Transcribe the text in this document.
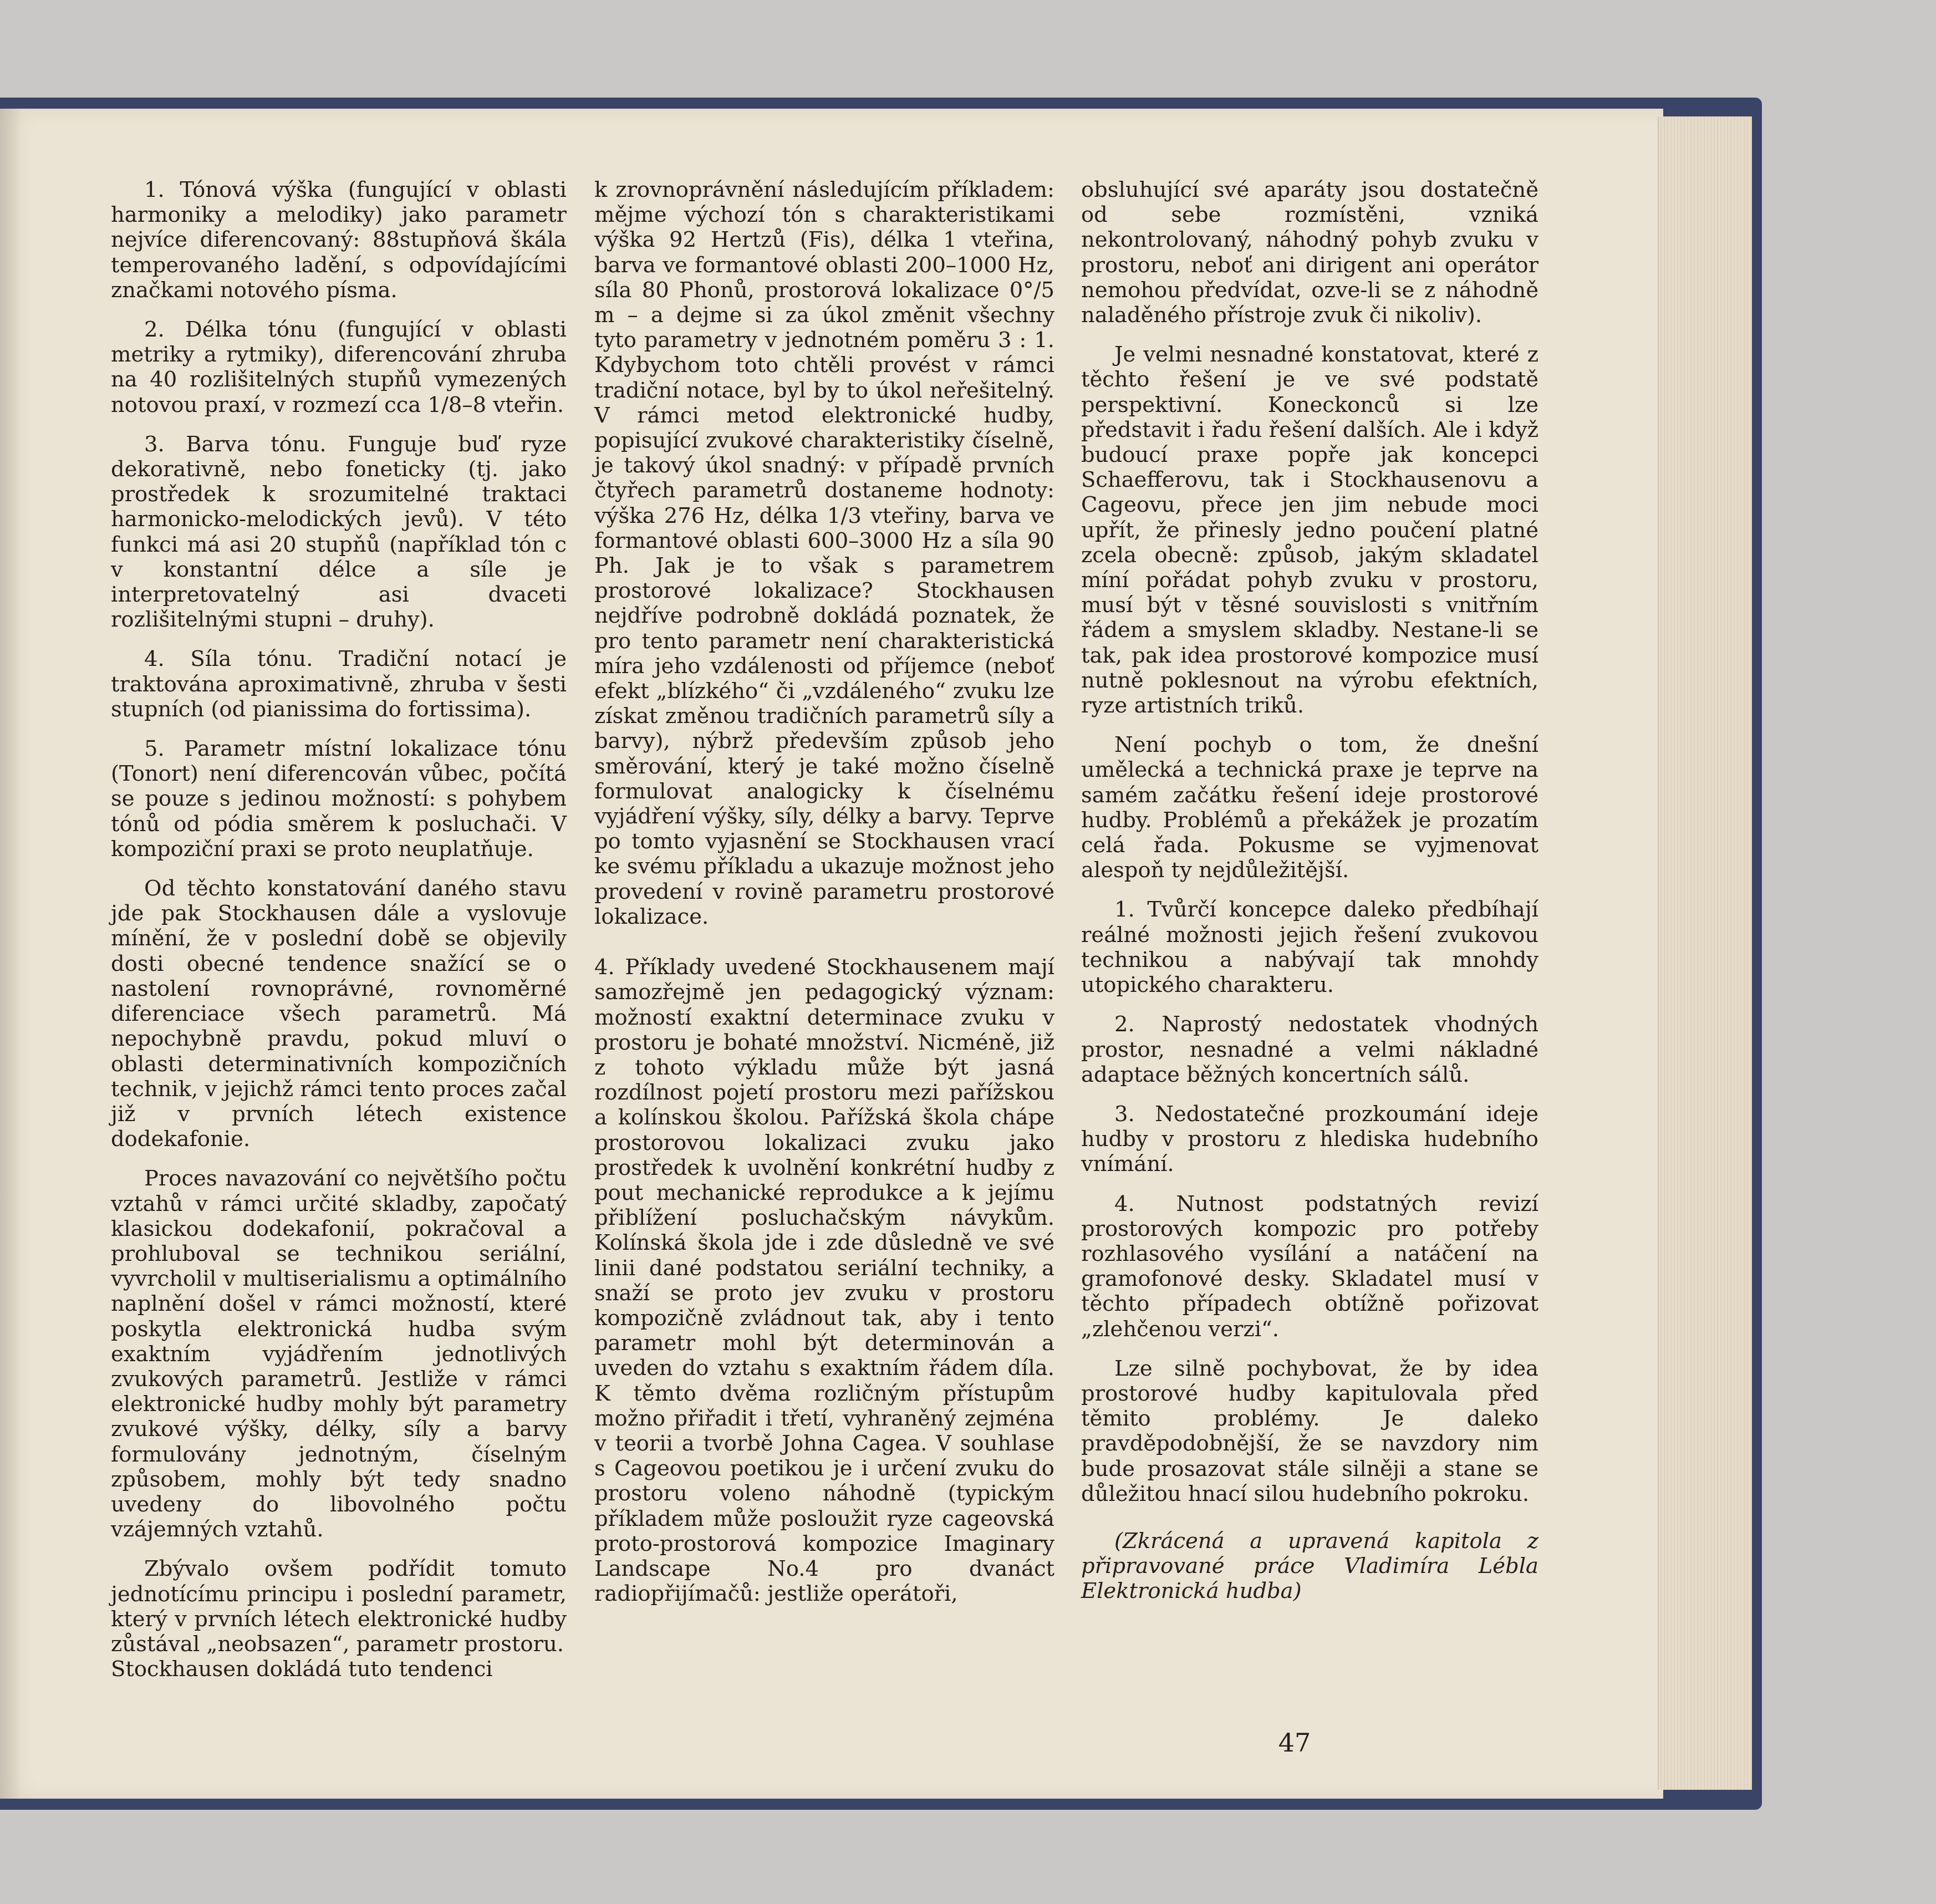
1. Tónová výška (fungující v oblasti harmoniky a melodiky) jako parametr nejvíce diferencovaný: 88stupňová škála temperovaného ladění, s odpovídajícími značkami notového písma.

2. Délka tónu (fungující v oblasti metriky a rytmiky), diferencování zhruba na 40 rozlišitelných stupňů vymezených notovou praxí, v rozmezí cca 1/8–8 vteřin.

3. Barva tónu. Funguje buď ryze dekorativně, nebo foneticky (tj. jako prostředek k srozumitelné traktaci harmonicko-melodických jevů). V této funkci má asi 20 stupňů (například tón c v konstantní délce a síle je interpretovatelný asi dvaceti rozlišitelnými stupni – druhy).

4. Síla tónu. Tradiční notací je traktována aproximativně, zhruba v šesti stupních (od pianissima do fortissima).

5. Parametr místní lokalizace tónu (Tonort) není diferencován vůbec, počítá se pouze s jedinou možností: s pohybem tónů od pódia směrem k posluchači. V kompoziční praxi se proto neuplatňuje.

Od těchto konstatování daného stavu jde pak Stockhausen dále a vyslovuje mínění, že v poslední době se objevily dosti obecné tendence snažící se o nastolení rovnoprávné, rovnoměrné diferenciace všech parametrů. Má nepochybně pravdu, pokud mluví o oblasti determinativních kompozičních technik, v jejichž rámci tento proces začal již v prvních létech existence dodekafonie.

Proces navazování co největšího počtu vztahů v rámci určité skladby, započatý klasickou dodekafonií, pokračoval a prohluboval se technikou seriální, vyvrcholil v multiserialismu a optimálního naplnění došel v rámci možností, které poskytla elektronická hudba svým exaktním vyjádřením jednotlivých zvukových parametrů. Jestliže v rámci elektronické hudby mohly být parametry zvukové výšky, délky, síly a barvy formulovány jednotným, číselným způsobem, mohly být tedy snadno uvedeny do libovolného počtu vzájemných vztahů.

Zbývalo ovšem podřídit tomuto jednotícímu principu i poslední parametr, který v prvních létech elektronické hudby zůstával „neobsazen“, parametr prostoru.

Stockhausen dokládá tuto tendenci

k zrovnoprávnění následujícím příkladem: mějme výchozí tón s charakteristikami výška 92 Hertzů (Fis), délka 1 vteřina, barva ve formantové oblasti 200–1000 Hz, síla 80 Phonů, prostorová lokalizace 0°/5 m – a dejme si za úkol změnit všechny tyto parametry v jednotném poměru 3 : 1. Kdybychom toto chtěli provést v rámci tradiční notace, byl by to úkol neřešitelný. V rámci metod elektronické hudby, popisující zvukové charakteristiky číselně, je takový úkol snadný: v případě prvních čtyřech parametrů dostaneme hodnoty: výška 276 Hz, délka 1/3 vteřiny, barva ve formantové oblasti 600–3000 Hz a síla 90 Ph. Jak je to však s parametrem prostorové lokalizace? Stockhausen nejdříve podrobně dokládá poznatek, že pro tento parametr není charakteristická míra jeho vzdálenosti od příjemce (neboť efekt „blízkého“ či „vzdáleného“ zvuku lze získat změnou tradičních parametrů síly a barvy), nýbrž především způsob jeho směrování, který je také možno číselně formulovat analogicky k číselnému vyjádření výšky, síly, délky a barvy. Teprve po tomto vyjasnění se Stockhausen vrací ke svému příkladu a ukazuje možnost jeho provedení v rovině parametru prostorové lokalizace.

4. Příklady uvedené Stockhausenem mají samozřejmě jen pedagogický význam: možností exaktní determinace zvuku v prostoru je bohaté množství. Nicméně, již z tohoto výkladu může být jasná rozdílnost pojetí prostoru mezi pařížskou a kolínskou školou. Pařížská škola chápe prostorovou lokalizaci zvuku jako prostředek k uvolnění konkrétní hudby z pout mechanické reprodukce a k jejímu přiblížení posluchačským návykům. Kolínská škola jde i zde důsledně ve své linii dané podstatou seriální techniky, a snaží se proto jev zvuku v prostoru kompozičně zvládnout tak, aby i tento parametr mohl být determinován a uveden do vztahu s exaktním řádem díla. K těmto dvěma rozličným přístupům možno přiřadit i třetí, vyhraněný zejména v teorii a tvorbě Johna Cagea. V souhlase s Cageovou poetikou je i určení zvuku do prostoru voleno náhodně (typickým příkladem může posloužit ryze cageovská proto-prostorová kompozice Imaginary Landscape No.4 pro dvanáct radiopřijímačů: jestliže operátoři,

obsluhující své aparáty jsou dostatečně od sebe rozmístěni, vzniká nekontrolovaný, náhodný pohyb zvuku v prostoru, neboť ani dirigent ani operátor nemohou předvídat, ozve-li se z náhodně naladěného přístroje zvuk či nikoliv).

Je velmi nesnadné konstatovat, které z těchto řešení je ve své podstatě perspektivní. Koneckonců si lze představit i řadu řešení dalších. Ale i když budoucí praxe popře jak koncepci Schaefferovu, tak i Stockhausenovu a Cageovu, přece jen jim nebude moci upřít, že přinesly jedno poučení platné zcela obecně: způsob, jakým skladatel míní pořádat pohyb zvuku v prostoru, musí být v těsné souvislosti s vnitřním řádem a smyslem skladby. Nestane-li se tak, pak idea prostorové kompozice musí nutně poklesnout na výrobu efektních, ryze artistních triků.

Není pochyb o tom, že dnešní umělecká a technická praxe je teprve na samém začátku řešení ideje prostorové hudby. Problémů a překážek je prozatím celá řada. Pokusme se vyjmenovat alespoň ty nejdůležitější.

1. Tvůrčí koncepce daleko předbíhají reálné možnosti jejich řešení zvukovou technikou a nabývají tak mnohdy utopického charakteru.

2. Naprostý nedostatek vhodných prostor, nesnadné a velmi nákladné adaptace běžných koncertních sálů.

3. Nedostatečné prozkoumání ideje hudby v prostoru z hlediska hudebního vnímání.

4. Nutnost podstatných revizí prostorových kompozic pro potřeby rozhlasového vysílání a natáčení na gramofonové desky. Skladatel musí v těchto případech obtížně pořizovat „zlehčenou verzi“.

Lze silně pochybovat, že by idea prostorové hudby kapitulovala před těmito problémy. Je daleko pravděpodobnější, že se navzdory nim bude prosazovat stále silněji a stane se důležitou hnací silou hudebního pokroku.

(Zkrácená a upravená kapitola z připravované práce Vladimíra Lébla Elektronická hudba)

47
